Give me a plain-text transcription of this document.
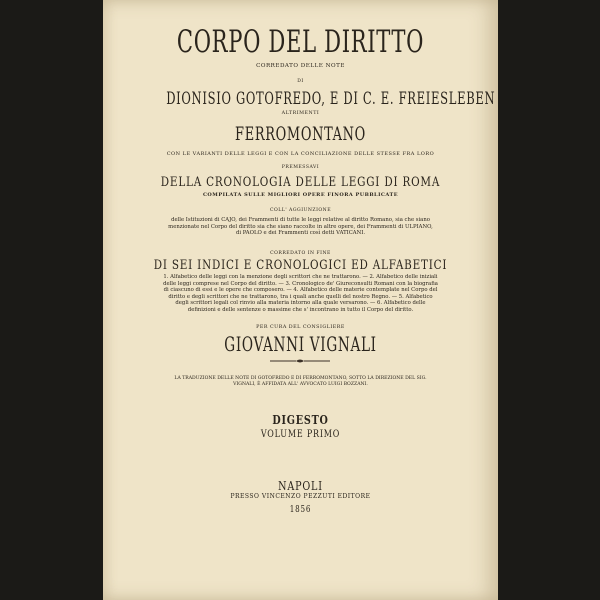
CORPO DEL DIRITTO
CORREDATO DELLE NOTE
DI
DIONISIO GOTOFREDO, E DI C. E. FREIESLEBEN
ALTRIMENTI
FERROMONTANO
CON LE VARIANTI DELLE LEGGI E CON LA CONCILIAZIONE DELLE STESSE FRA LORO
PREMESSAVI
DELLA CRONOLOGIA DELLE LEGGI DI ROMA
COMPILATA SULLE MIGLIORI OPERE FINORA PUBBLICATE
COLL' AGGIUNZIONE
delle Istituzioni di CAJO, dei Frammenti di tutte le leggi relative al diritto Romano, sia che siano menzionate nel Corpo del diritto sia che siano raccolte in altre opere, dei Frammenti di ULPIANO, di PAOLO e dei Frammenti così detti VATICANI.
CORREDATO IN FINE
DI SEI INDICI E CRONOLOGICI ED ALFABETICI
1. Alfabetico delle leggi con la menzione degli scrittori che ne trattarono. — 2. Alfabetico delle iniziali delle leggi comprese nel Corpo del diritto. — 3. Cronologico de' Giureconsulti Romani con la biografia di ciascuno di essi e le opere che composero. — 4. Alfabetico delle materie contemplate nel Corpo del diritto e degli scrittori che ne trattarono, tra i quali anche quelli del nostro Regno. — 5. Alfabetico degli scrittori legali col rinvio alla materia intorno alla quale versarono. — 6. Alfabetico delle definizioni e delle sentenze o massime che s' incontrano in tutto il Corpo del diritto.
PER CURA DEL CONSIGLIERE
GIOVANNI VIGNALI
LA TRADUZIONE DELLE NOTE DI GOTOFREDO E DI FERROMONTANO, SOTTO LA DIREZIONE DEL SIG. VIGNALI, È AFFIDATA ALL' AVVOCATO LUIGI BOZZANI.
DIGESTO
VOLUME PRIMO
NAPOLI
PRESSO VINCENZO PEZZUTI EDITORE
1856
